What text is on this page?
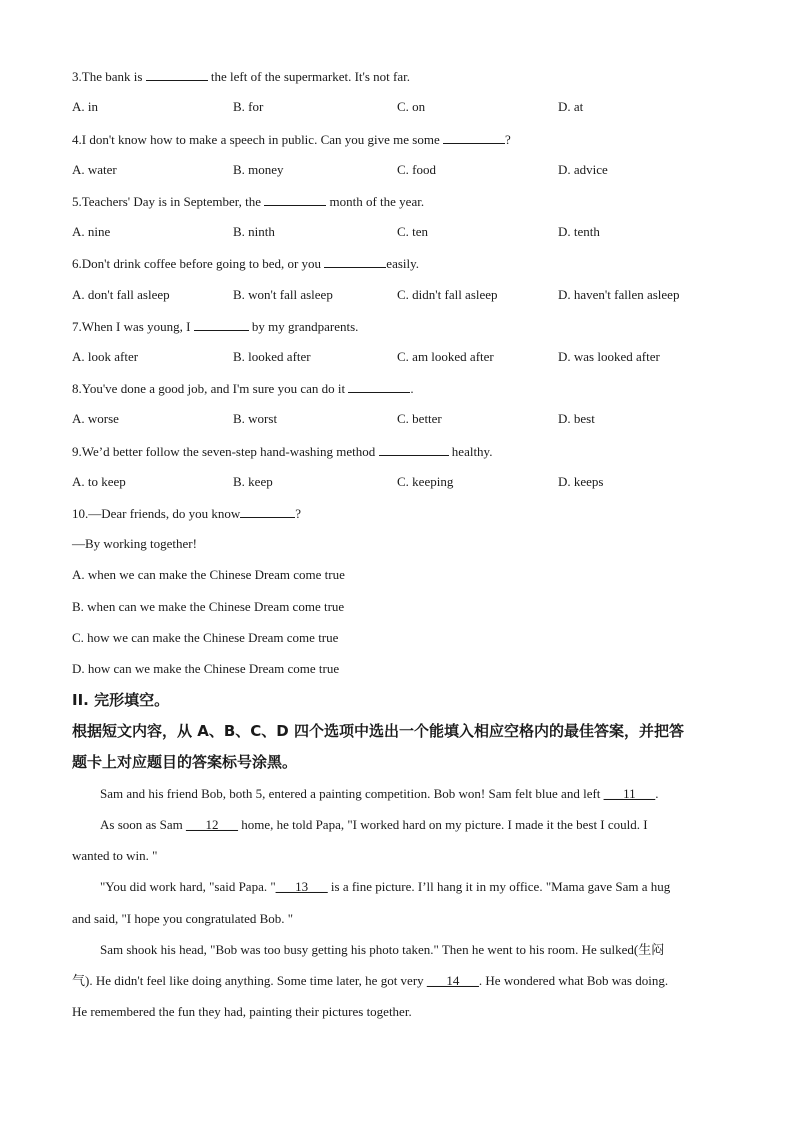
3.The bank is	the left of the supermarket. It's not far.
A. in	B. for	C. on	D. at
4.I don't know how to make a speech in public. Can you give me some	?
A. water	B. money	C. food	D. advice
5.Teachers' Day is in September, the	month of the year.
A. nine	B. ninth	C. ten	D. tenth
6.Don't drink coffee before going to bed, or you	easily.
A. don't fall asleep	B. won't fall asleep	C. didn't fall asleep	D. haven't fallen asleep
7.When I was young, I	by my grandparents.
A. look after	B. looked after	C. am looked after	D. was looked after
8.You've done a good job, and I'm sure you can do it	.
A. worse	B. worst	C. better	D. best
9.We’d better follow the seven-step hand-washing method	healthy.
A. to keep	B. keep	C. keeping	D. keeps
10.—Dear friends, do you know	?
—By working together!
A. when we can make the Chinese Dream come true
B. when can we make the Chinese Dream come true
C. how we can make the Chinese Dream come true
D. how can we make the Chinese Dream come true
II. 完形填空。
根据短文内容，从 A、B、C、D 四个选项中选出一个能填入相应空格内的最佳答案，并把答
题卡上对应题目的答案标号涂黑。
Sam and his friend Bob, both 5, entered a painting competition. Bob won! Sam felt blue and left ___11___.
As soon as Sam ___12___ home, he told Papa, "I worked hard on my picture. I made it the best I could. I
wanted to win. "
"You did work hard, "said Papa. "___13___ is a fine picture. I’ll hang it in my office. "Mama gave Sam a hug
and said, "I hope you congratulated Bob. "
Sam shook his head, "Bob was too busy getting his photo taken." Then he went to his room. He sulked(生闷
气). He didn't feel like doing anything. Some time later, he got very ___14___. He wondered what Bob was doing.
He remembered the fun they had, painting their pictures together.
